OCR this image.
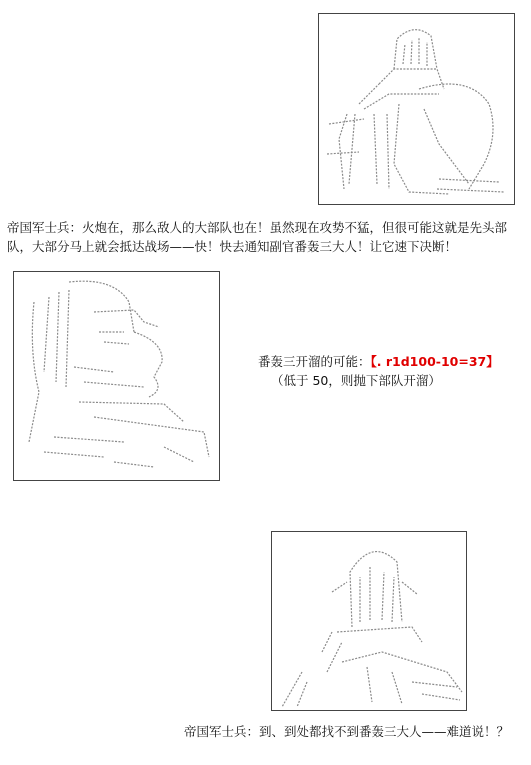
帝国军士兵：火炮在，那么敌人的大部队也在！虽然现在攻势不猛，但很可能这就是先头部
队，大部分马上就会抵达战场——快！快去通知副官番轰三大人！让它速下决断！
番轰三开溜的可能：【. r1d100-10=37】
（低于 50，则抛下部队开溜）
帝国军士兵：到、到处都找不到番轰三大人——难道说！？
